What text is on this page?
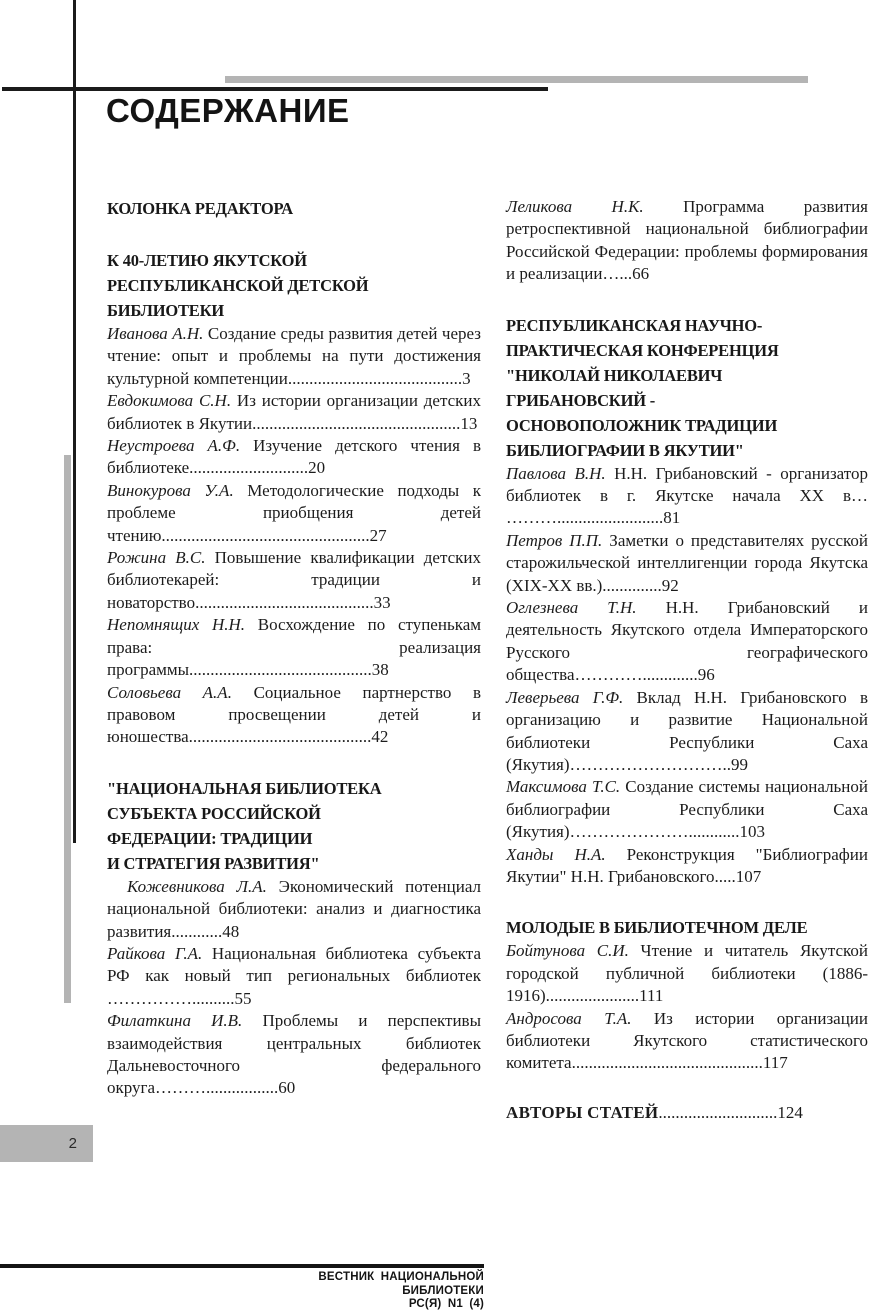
СОДЕРЖАНИЕ
КОЛОНКА РЕДАКТОРА
К 40-ЛЕТИЮ ЯКУТСКОЙ
РЕСПУБЛИКАНСКОЙ ДЕТСКОЙ
БИБЛИОТЕКИ

Иванова А.Н. Создание среды развития детей через чтение: опыт и проблемы на пути достижения культурной компетенции.........................................3

Евдокимова С.Н. Из истории организации детских библиотек в Якутии.................................................13

Неустроева А.Ф. Изучение детского чтения в библиотеке............................20

Винокурова У.А. Методологические подходы к проблеме приобщения детей чтению.................................................27

Рожина В.С. Повышение квалификации детских библиотекарей: традиции и новаторство..........................................33

Непомнящих Н.Н. Восхождение по ступенькам права: реализация программы...........................................38

Соловьева А.А. Социальное партнерство в правовом просвещении детей и юношества...........................................42

"НАЦИОНАЛЬНАЯ БИБЛИОТЕКА
СУБЪЕКТА РОССИЙСКОЙ
ФЕДЕРАЦИИ: ТРАДИЦИИ
И СТРАТЕГИЯ РАЗВИТИЯ"

Кожевникова Л.А. Экономический потенциал национальной библиотеки: анализ и диагностика развития............48

Райкова Г.А. Национальная библиотека субъекта РФ как новый тип региональных библиотек ……………..........55

Филаткина И.В. Проблемы и перспективы взаимодействия центральных библиотек Дальневосточного федерального округа……….................60

Леликова Н.К. Программа развития ретроспективной национальной библиографии Российской Федерации: проблемы формирования и реализации…...66

РЕСПУБЛИКАНСКАЯ НАУЧНО-
ПРАКТИЧЕСКАЯ КОНФЕРЕНЦИЯ
"НИКОЛАЙ НИКОЛАЕВИЧ
ГРИБАНОВСКИЙ -
ОСНОВОПОЛОЖНИК ТРАДИЦИИ
БИБЛИОГРАФИИ В ЯКУТИИ"

Павлова В.Н. Н.Н. Грибановский - организатор библиотек в г. Якутске начала ХХ в… ……….........................81

Петров П.П. Заметки о представителях русской старожильческой интеллигенции города Якутска (XIX-XX вв.)..............92

Оглезнева Т.Н. Н.Н. Грибановский и деятельность Якутского отдела Императорского Русского географического общества………….............96

Леверьева Г.Ф. Вклад Н.Н. Грибановского в организацию и развитие Национальной библиотеки Республики Саха (Якутия)………………………..99

Максимова Т.С. Создание системы национальной библиографии Республики Саха (Якутия)…………………............103

Ханды Н.А. Реконструкция "Библиографии Якутии" Н.Н. Грибановского.....107

МОЛОДЫЕ В БИБЛИОТЕЧНОМ ДЕЛЕ

Бойтунова С.И. Чтение и читатель Якутской городской публичной библиотеки (1886-1916)......................111

Андросова Т.А. Из истории организации библиотеки Якутского статистического комитета.............................................117

АВТОРЫ СТАТЕЙ............................124

2
ВЕСТНИК НАЦИОНАЛЬНОЙ
БИБЛИОТЕКИ
РС(Я) N1 (4)
